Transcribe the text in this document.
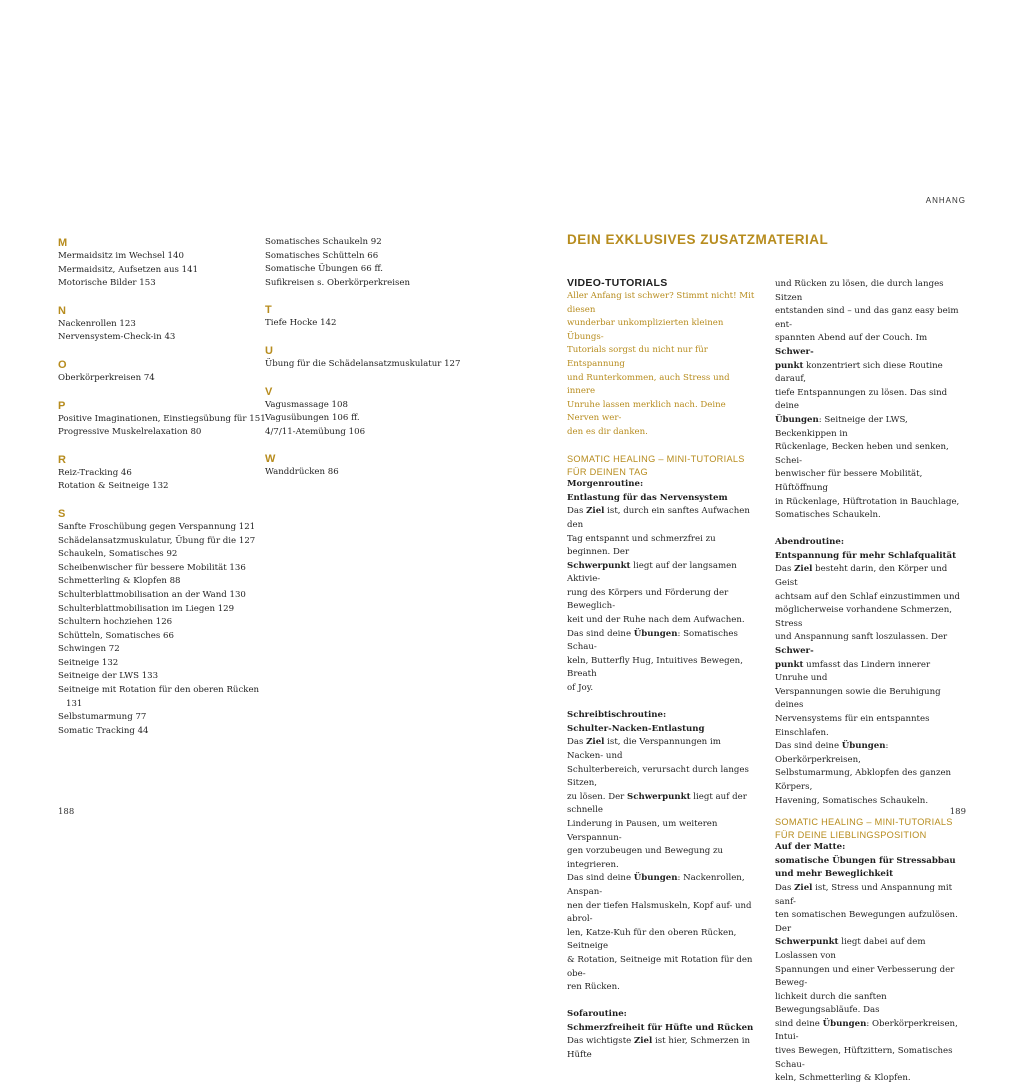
ANHANG
188	189
M
Mermaidsitz im Wechsel 140
Mermaidsitz, Aufsetzen aus 141
Motorische Bilder 153
N
Nackenrollen 123
Nervensystem-Check-in 43
O
Oberkörperkreisen 74
P
Positive Imaginationen, Einstiegsübung für 151
Progressive Muskelrelaxation 80
R
Reiz-Tracking 46
Rotation & Seitneige 132
S
Sanfte Froschübung gegen Verspannung 121
Schädelansatzmuskulatur, Übung für die 127
Schaukeln, Somatisches 92
Scheibenwischer für bessere Mobilität 136
Schmetterling & Klopfen 88
Schulterblattmobilisation an der Wand 130
Schulterblattmobilisation im Liegen 129
Schultern hochziehen 126
Schütteln, Somatisches 66
Schwingen 72
Seitneige 132
Seitneige der LWS 133
Seitneige mit Rotation für den oberen Rücken
131
Selbstumarmung 77
Somatic Tracking 44
Somatisches Schaukeln 92
Somatisches Schütteln 66
Somatische Übungen 66 ff.
Sufikreisen s. Oberkörperkreisen
T
Tiefe Hocke 142
U
Übung für die Schädelansatzmuskulatur 127
V
Vagusmassage 108
Vagusübungen 106 ff.
4/7/11-Atemübung 106
W
Wanddrücken 86
DEIN EXKLUSIVES ZUSATZMATERIAL

VIDEO-TUTORIALS

Aller Anfang ist schwer? Stimmt nicht! Mit diesen
wunderbar unkomplizierten kleinen Übungs-
Tutorials sorgst du nicht nur für Entspannung
und Runterkommen, auch Stress und innere
Unruhe lassen merklich nach. Deine Nerven wer-
den es dir danken.

SOMATIC HEALING – MINI-TUTORIALS

FÜR DEINEN TAG

Morgenroutine:

Entlastung für das Nervensystem

Das Ziel ist, durch ein sanftes Aufwachen den
Tag entspannt und schmerzfrei zu beginnen. Der
Schwerpunkt liegt auf der langsamen Aktivie-
rung des Körpers und Förderung der Beweglich-
keit und der Ruhe nach dem Aufwachen.
Das sind deine Übungen: Somatisches Schau-
keln, Butterfly Hug, Intuitives Bewegen, Breath
of Joy.

Schreibtischroutine:

Schulter-Nacken-Entlastung

Das Ziel ist, die Verspannungen im Nacken- und
Schulterbereich, verursacht durch langes Sitzen,
zu lösen. Der Schwerpunkt liegt auf der schnelle
Linderung in Pausen, um weiteren Verspannun-
gen vorzubeugen und Bewegung zu integrieren.
Das sind deine Übungen: Nackenrollen, Anspan-
nen der tiefen Halsmuskeln, Kopf auf- und abrol-
len, Katze-Kuh für den oberen Rücken, Seitneige
& Rotation, Seitneige mit Rotation für den obe-
ren Rücken.

Sofaroutine:

Schmerzfreiheit für Hüfte und Rücken

Das wichtigste Ziel ist hier, Schmerzen in Hüfte
und Rücken zu lösen, die durch langes Sitzen
entstanden sind – und das ganz easy beim ent-
spannten Abend auf der Couch. Im Schwer-
punkt konzentriert sich diese Routine darauf,
tiefe Entspannungen zu lösen. Das sind deine
Übungen: Seitneige der LWS, Beckenkippen in
Rückenlage, Becken heben und senken, Schei-
benwischer für bessere Mobilität, Hüftöffnung
in Rückenlage, Hüftrotation in Bauchlage,
Somatisches Schaukeln.

Abendroutine:

Entspannung für mehr Schlafqualität

Das Ziel besteht darin, den Körper und Geist
achtsam auf den Schlaf einzustimmen und
möglicherweise vorhandene Schmerzen, Stress
und Anspannung sanft loszulassen. Der Schwer-
punkt umfasst das Lindern innerer Unruhe und
Verspannungen sowie die Beruhigung deines
Nervensystems für ein entspanntes Einschlafen.
Das sind deine Übungen: Oberkörperkreisen,
Selbstumarmung, Abklopfen des ganzen Körpers,
Havening, Somatisches Schaukeln.

SOMATIC HEALING – MINI-TUTORIALS

FÜR DEINE LIEBLINGSPOSITION

Auf der Matte:

somatische Übungen für Stressabbau

und mehr Beweglichkeit

Das Ziel ist, Stress und Anspannung mit sanf-
ten somatischen Bewegungen aufzulösen. Der
Schwerpunkt liegt dabei auf dem Loslassen von
Spannungen und einer Verbesserung der Beweg-
lichkeit durch die sanften Bewegungsabläufe. Das
sind deine Übungen: Oberkörperkreisen, Intui-
tives Bewegen, Hüftzittern, Somatisches Schau-
keln, Schmetterling & Klopfen.
